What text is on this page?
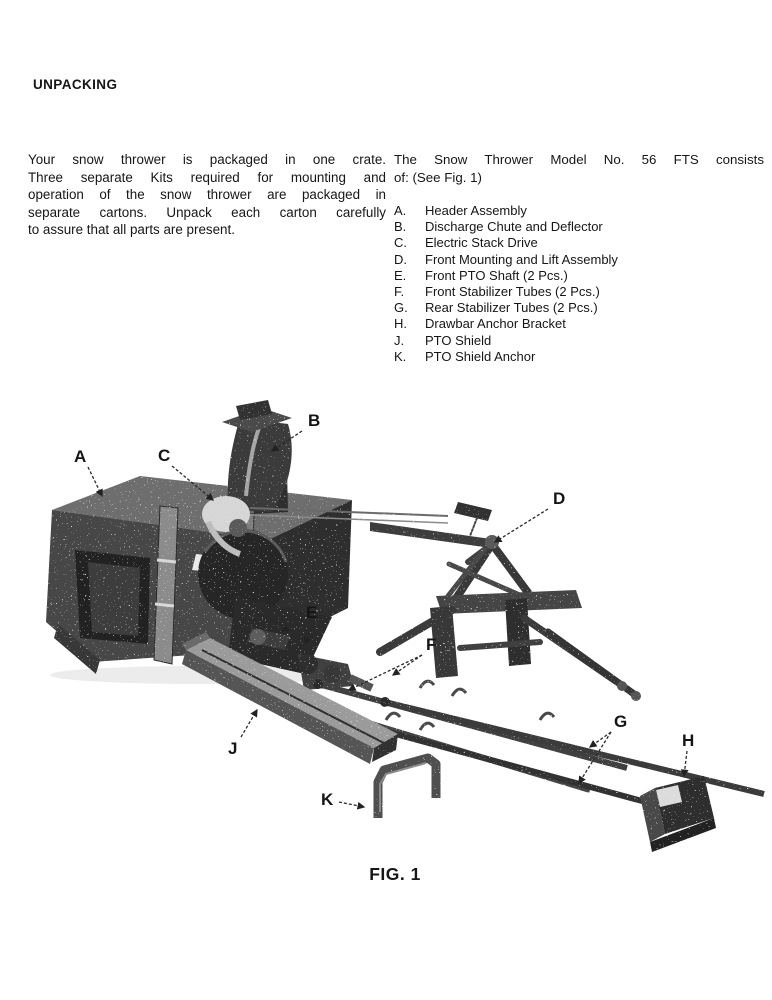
UNPACKING
Your snow thrower is packaged in one crate.
Three separate Kits required for mounting and
operation of the snow thrower are packaged in
separate cartons. Unpack each carton carefully
to assure that all parts are present.
The Snow Thrower Model No. 56 FTS consists
of: (See Fig. 1)
A.	Header Assembly
B.	Discharge Chute and Deflector
C.	Electric Stack Drive
D.	Front Mounting and Lift Assembly
E.	Front PTO Shaft (2 Pcs.)
F.	Front Stabilizer Tubes (2 Pcs.)
G.	Rear Stabilizer Tubes (2 Pcs.)
H.	Drawbar Anchor Bracket
J.	PTO Shield
K.	PTO Shield Anchor
A
B
C
D
E
F
G
H
J
K
FIG. 1
